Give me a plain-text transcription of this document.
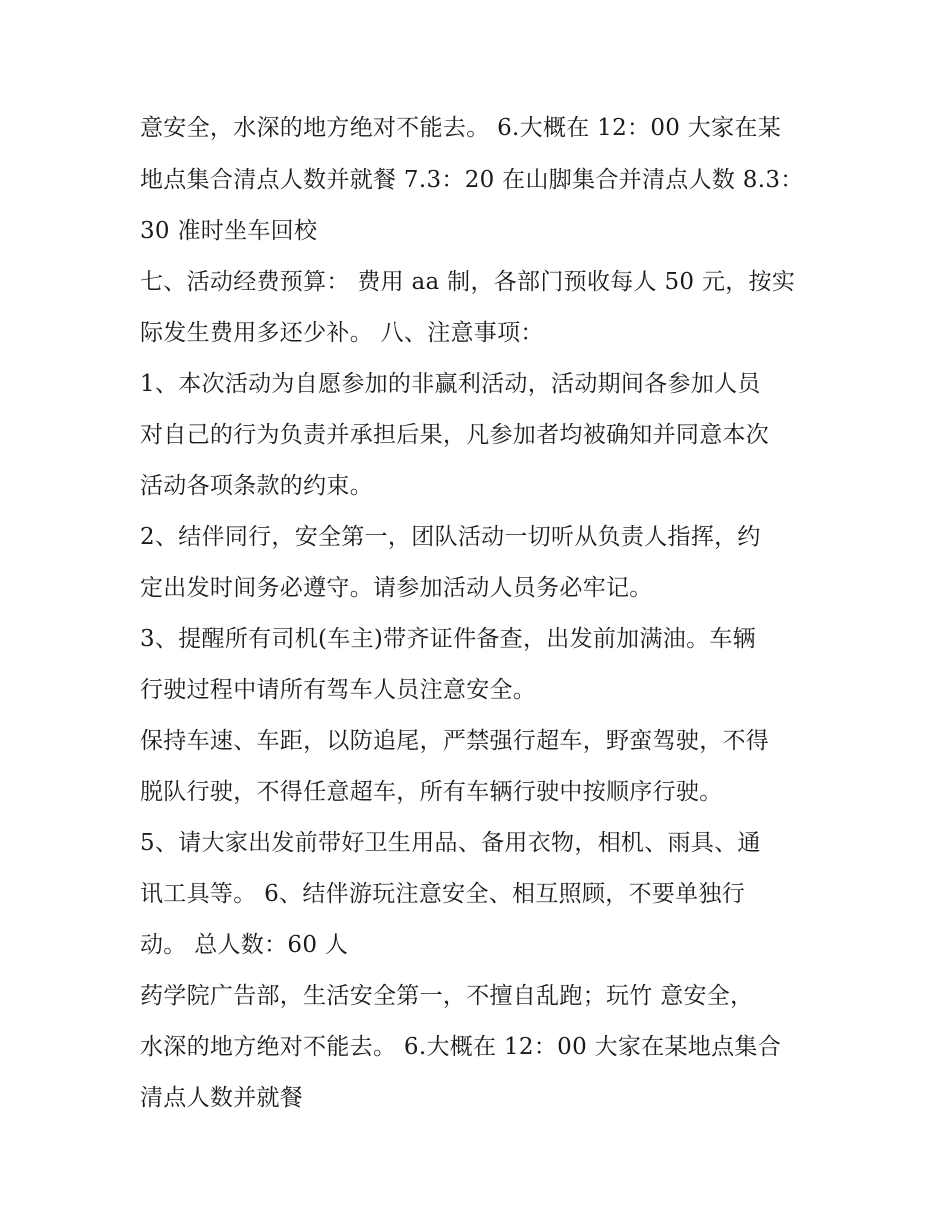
意安全，水深的地方绝对不能去。 6.大概在 12：00 大家在某
地点集合清点人数并就餐 7.3：20 在山脚集合并清点人数 8.3：
30 准时坐车回校
七、活动经费预算： 费用 aa 制，各部门预收每人 50 元，按实
际发生费用多还少补。 八、注意事项：
1、本次活动为自愿参加的非赢利活动，活动期间各参加人员
对自己的行为负责并承担后果，凡参加者均被确知并同意本次
活动各项条款的约束。
2、结伴同行，安全第一，团队活动一切听从负责人指挥，约
定出发时间务必遵守。请参加活动人员务必牢记。
3、提醒所有司机(车主)带齐证件备查，出发前加满油。车辆
行驶过程中请所有驾车人员注意安全。
保持车速、车距，以防追尾，严禁强行超车，野蛮驾驶，不得
脱队行驶，不得任意超车，所有车辆行驶中按顺序行驶。
5、请大家出发前带好卫生用品、备用衣物，相机、雨具、通
讯工具等。 6、结伴游玩注意安全、相互照顾，不要单独行
动。 总人数：60 人
药学院广告部，生活安全第一，不擅自乱跑；玩竹 意安全，
水深的地方绝对不能去。 6.大概在 12：00 大家在某地点集合
清点人数并就餐
